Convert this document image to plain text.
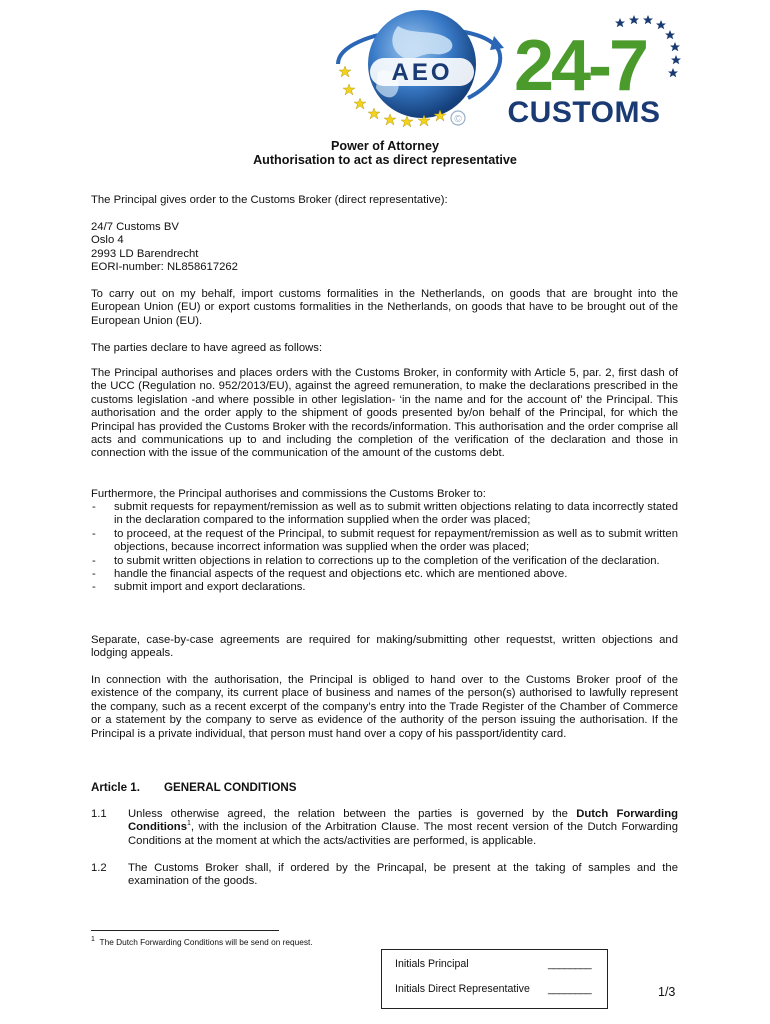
AEO
©
24-7
CUSTOMS
Power of Attorney
Authorisation to act as direct representative

The Principal gives order to the Customs Broker (direct representative):

24/7 Customs BV
Oslo 4
2993 LD Barendrecht
EORI-number: NL858617262

To carry out on my behalf, import customs formalities in the Netherlands, on goods that are brought into the European Union (EU) or export customs formalities in the Netherlands, on goods that have to be brought out of the European Union (EU).

The parties declare to have agreed as follows:

The Principal authorises and places orders with the Customs Broker, in conformity with Article 5, par. 2, first dash of the UCC (Regulation no. 952/2013/EU), against the agreed remuneration, to make the declarations prescribed in the customs legislation -and where possible in other legislation- ‘in the name and for the account of’ the Principal. This authorisation and the order apply to the shipment of goods presented by/on behalf of the Principal, for which the Principal has provided the Customs Broker with the records/information. This authorisation and the order comprise all acts and communications up to and including the completion of the verification of the declaration and those in connection with the issue of the communication of the amount of the customs debt.

Furthermore, the Principal authorises and commissions the Customs Broker to:

- submit requests for repayment/remission as well as to submit written objections relating to data incorrectly stated in the declaration compared to the information supplied when the order was placed;
- to proceed, at the request of the Principal, to submit request for repayment/remission as well as to submit written objections, because incorrect information was supplied when the order was placed;
- to submit written objections in relation to corrections up to the completion of the verification of the declaration.
- handle the financial aspects of the request and objections etc. which are mentioned above.
- submit import and export declarations.

Separate, case-by-case agreements are required for making/submitting other requestst, written objections and lodging appeals.

In connection with the authorisation, the Principal is obliged to hand over to the Customs Broker proof of the existence of the company, its current place of business and names of the person(s) authorised to lawfully represent the company, such as a recent excerpt of the company’s entry into the Trade Register of the Chamber of Commerce or a statement by the company to serve as evidence of the authority of the person issuing the authorisation. If the Principal is a private individual, that person must hand over a copy of his passport/identity card.

Article 1. GENERAL CONDITIONS
1.1 Unless otherwise agreed, the relation between the parties is governed by the Dutch Forwarding Conditions$^1$, with the inclusion of the Arbitration Clause. The most recent version of the Dutch Forwarding Conditions at the moment at which the acts/activities are performed, is applicable.
1.2 The Customs Broker shall, if ordered by the Princapal, be present at the taking of samples and the examination of the goods.
$^1$ The Dutch Forwarding Conditions will be send on request.
Initials Principal	________
Initials Direct Representative ________	1/3
